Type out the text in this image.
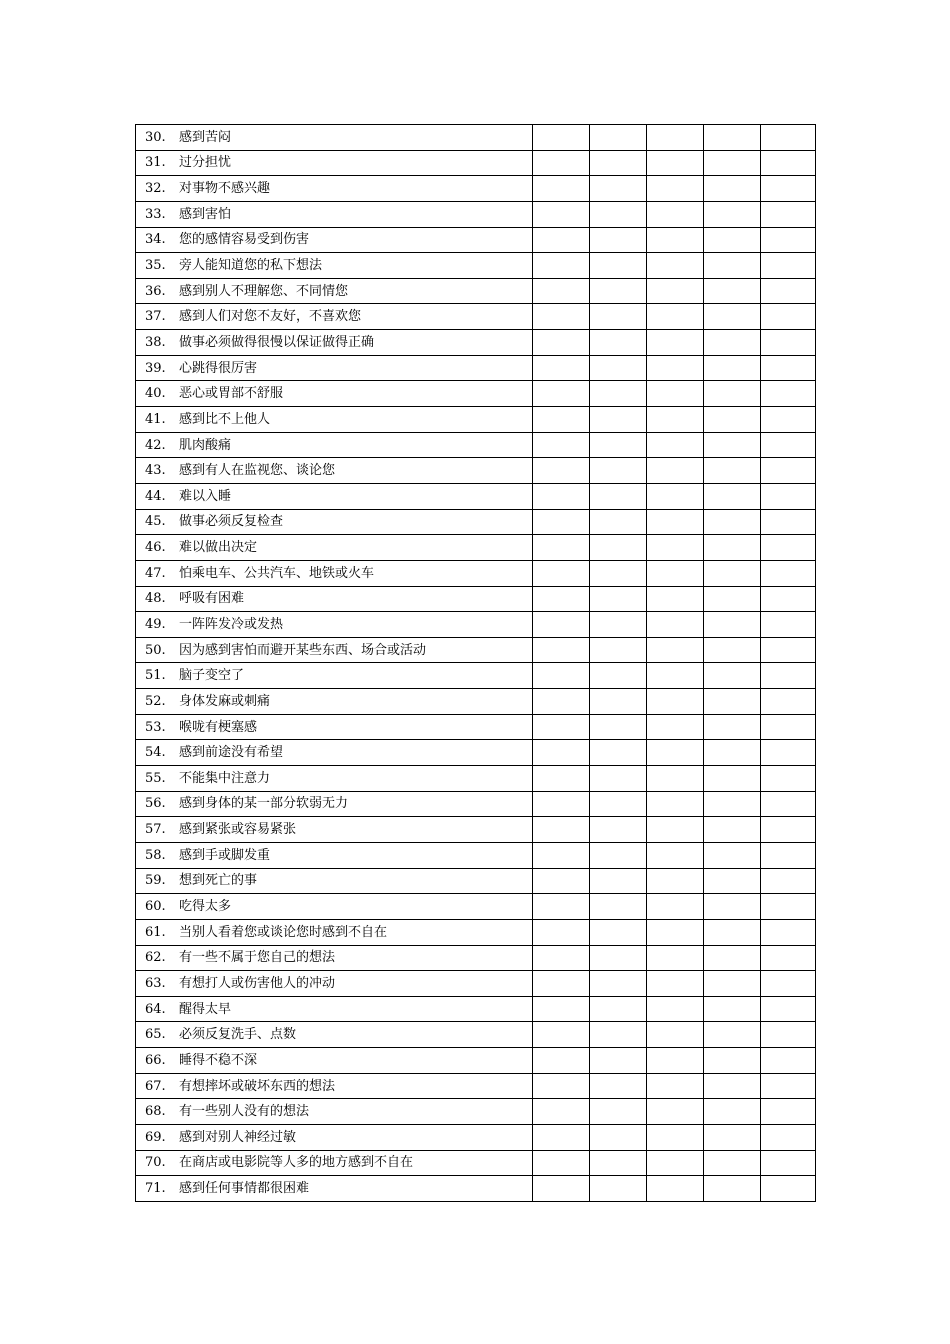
30. 感到苦闷					
31. 过分担忧					
32. 对事物不感兴趣					
33. 感到害怕					
34. 您的感情容易受到伤害					
35. 旁人能知道您的私下想法					
36. 感到别人不理解您、不同情您					
37. 感到人们对您不友好，不喜欢您					
38. 做事必须做得很慢以保证做得正确					
39. 心跳得很厉害					
40. 恶心或胃部不舒服					
41. 感到比不上他人					
42. 肌肉酸痛					
43. 感到有人在监视您、谈论您					
44. 难以入睡					
45. 做事必须反复检查					
46. 难以做出决定					
47. 怕乘电车、公共汽车、地铁或火车					
48. 呼吸有困难					
49. 一阵阵发冷或发热					
50. 因为感到害怕而避开某些东西、场合或活动					
51. 脑子变空了					
52. 身体发麻或刺痛					
53. 喉咙有梗塞感					
54. 感到前途没有希望					
55. 不能集中注意力					
56. 感到身体的某一部分软弱无力					
57. 感到紧张或容易紧张					
58. 感到手或脚发重					
59. 想到死亡的事					
60. 吃得太多					
61. 当别人看着您或谈论您时感到不自在					
62. 有一些不属于您自己的想法					
63. 有想打人或伤害他人的冲动					
64. 醒得太早					
65. 必须反复洗手、点数					
66. 睡得不稳不深					
67. 有想摔坏或破坏东西的想法					
68. 有一些别人没有的想法					
69. 感到对别人神经过敏					
70. 在商店或电影院等人多的地方感到不自在					
71. 感到任何事情都很困难					
